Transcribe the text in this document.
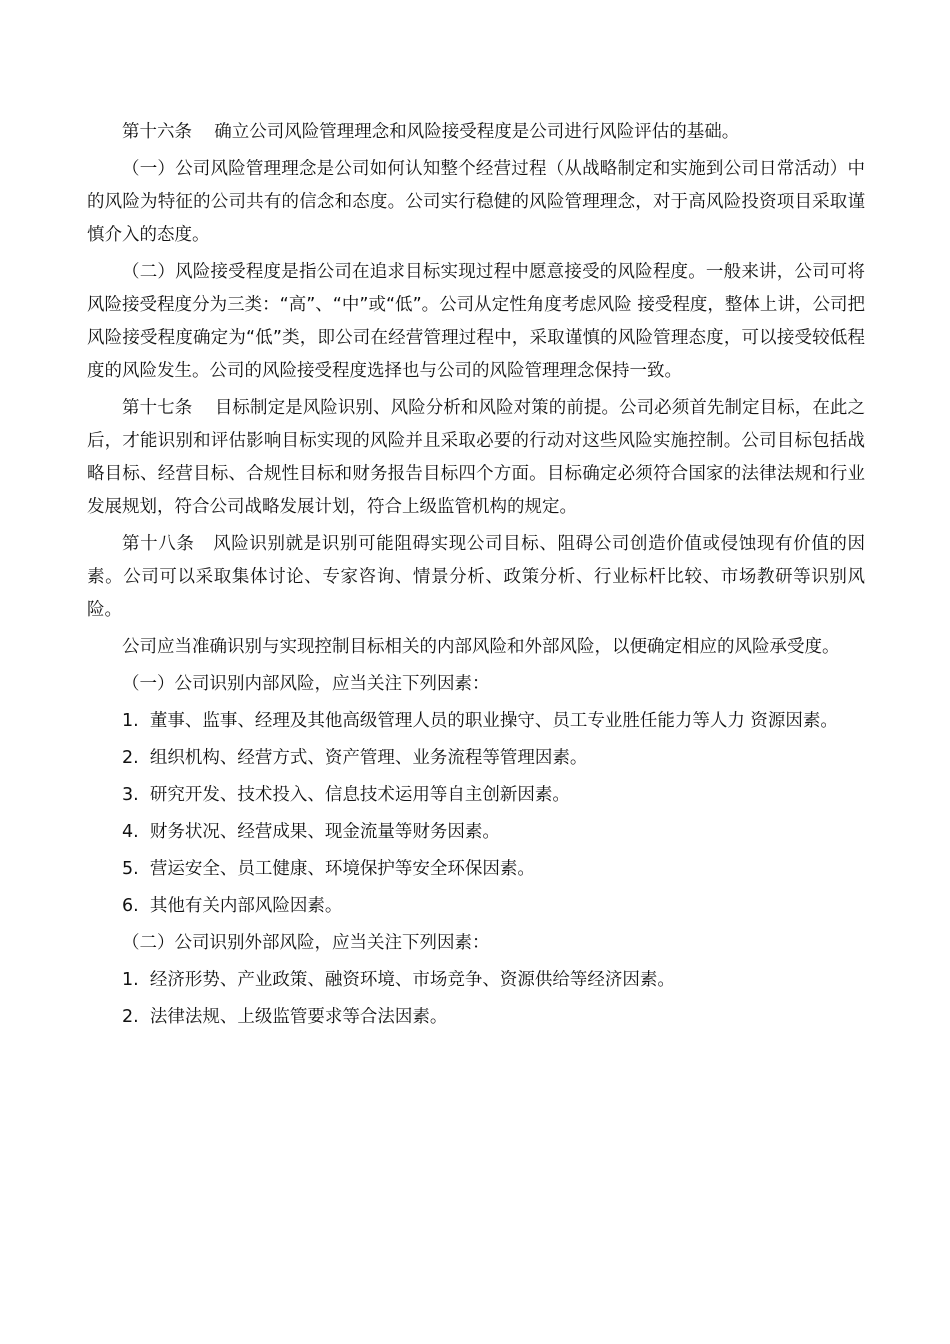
第十六条    确立公司风险管理理念和风险接受程度是公司进行风险评估的基础。

（一）公司风险管理理念是公司如何认知整个经营过程（从战略制定和实施到公司日常活动）中的风险为特征的公司共有的信念和态度。公司实行稳健的风险管理理念，对于高风险投资项目采取谨慎介入的态度。

（二）风险接受程度是指公司在追求目标实现过程中愿意接受的风险程度。一般来讲，公司可将风险接受程度分为三类：“高”、“中”或“低”。公司从定性角度考虑风险 接受程度，整体上讲，公司把风险接受程度确定为“低”类，即公司在经营管理过程中，采取谨慎的风险管理态度，可以接受较低程度的风险发生。公司的风险接受程度选择也与公司的风险管理理念保持一致。

第十七条    目标制定是风险识别、风险分析和风险对策的前提。公司必须首先制定目标，在此之后，才能识别和评估影响目标实现的风险并且采取必要的行动对这些风险实施控制。公司目标包括战略目标、经营目标、合规性目标和财务报告目标四个方面。目标确定必须符合国家的法律法规和行业发展规划，符合公司战略发展计划，符合上级监管机构的规定。

第十八条   风险识别就是识别可能阻碍实现公司目标、阻碍公司创造价值或侵蚀现有价值的因素。公司可以采取集体讨论、专家咨询、情景分析、政策分析、行业标杆比较、市场教研等识别风险。

公司应当准确识别与实现控制目标相关的内部风险和外部风险，以便确定相应的风险承受度。

（一）公司识别内部风险，应当关注下列因素：

1.  董事、监事、经理及其他高级管理人员的职业操守、员工专业胜任能力等人力 资源因素。

2.  组织机构、经营方式、资产管理、业务流程等管理因素。

3.  研究开发、技术投入、信息技术运用等自主创新因素。

4.  财务状况、经营成果、现金流量等财务因素。

5.  营运安全、员工健康、环境保护等安全环保因素。

6.  其他有关内部风险因素。

（二）公司识别外部风险，应当关注下列因素：

1.  经济形势、产业政策、融资环境、市场竞争、资源供给等经济因素。

2.  法律法规、上级监管要求等合法因素。
